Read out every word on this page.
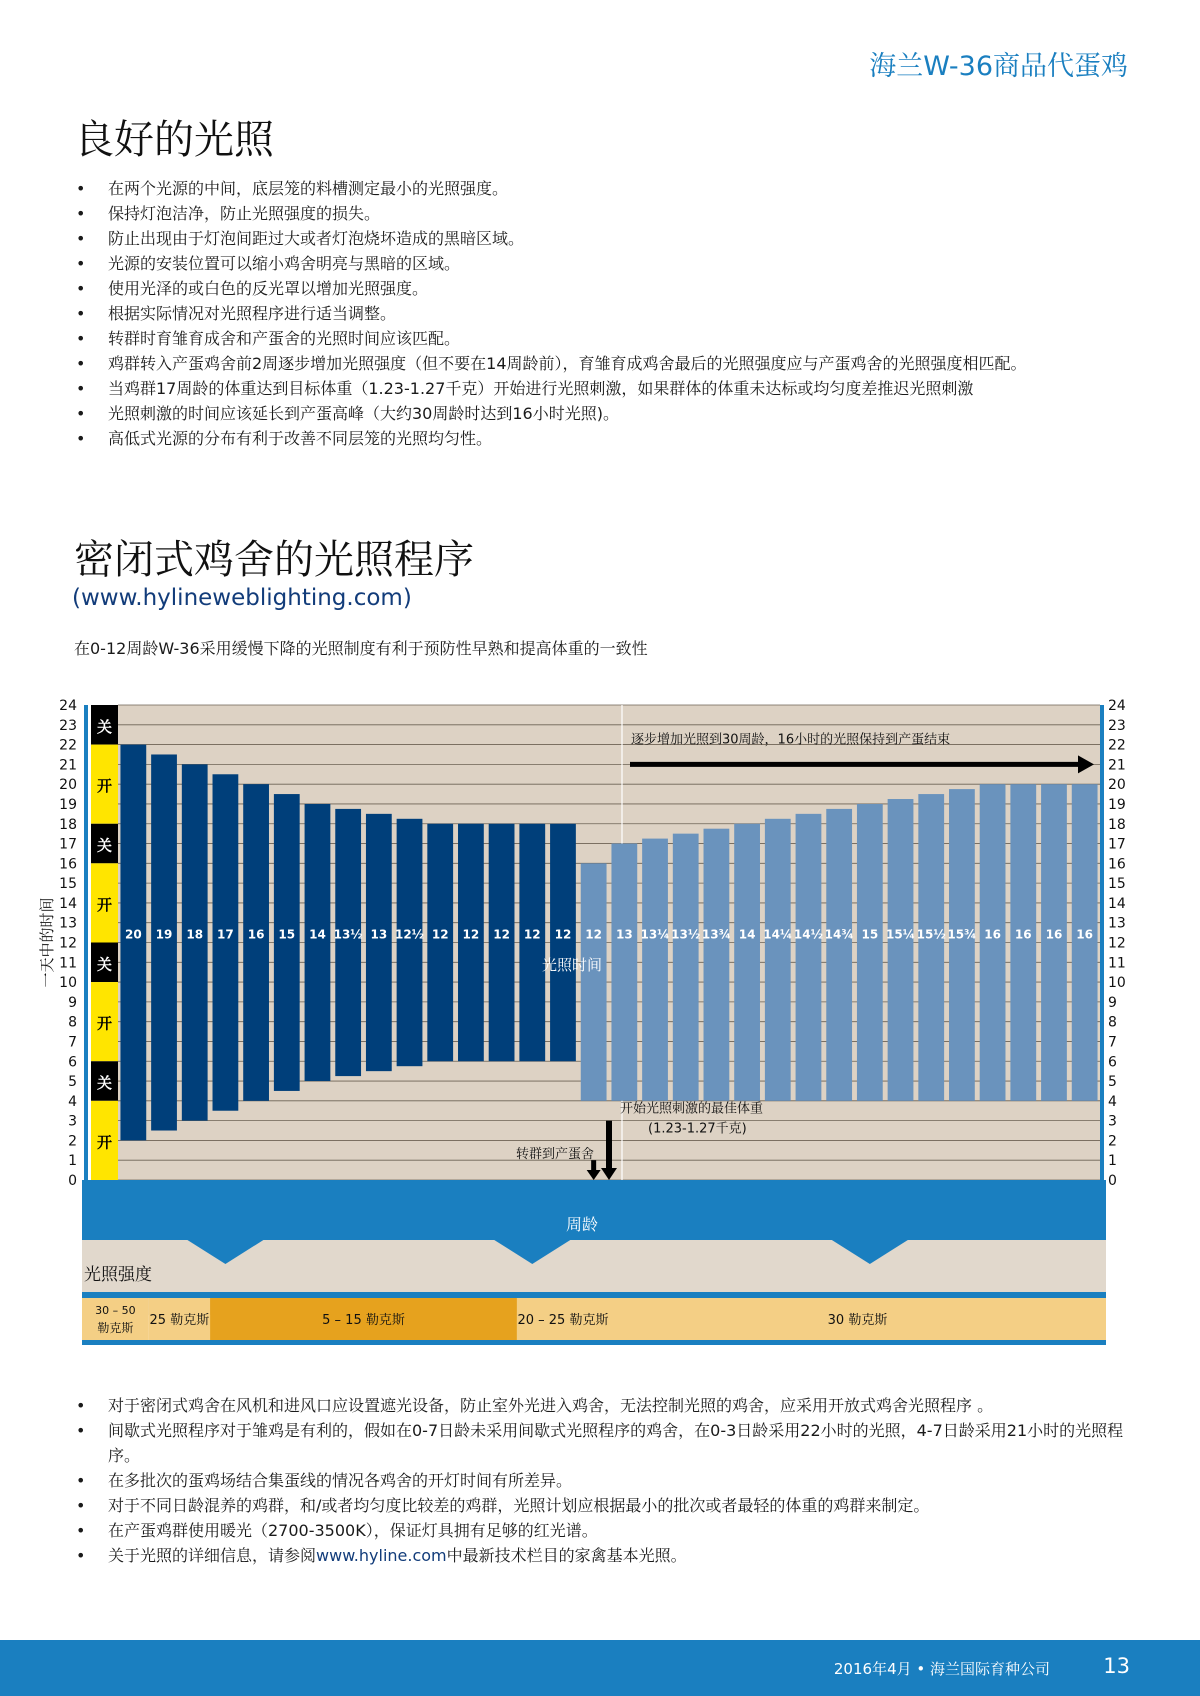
海兰W-36商品代蛋鸡
良好的光照
• 在两个光源的中间，底层笼的料槽测定最小的光照强度。
• 保持灯泡洁净，防止光照强度的损失。
• 防止出现由于灯泡间距过大或者灯泡烧坏造成的黑暗区域。
• 光源的安装位置可以缩小鸡舍明亮与黑暗的区域。
• 使用光泽的或白色的反光罩以增加光照强度。
• 根据实际情况对光照程序进行适当调整。
• 转群时育雏育成舍和产蛋舍的光照时间应该匹配。
• 鸡群转入产蛋鸡舍前2周逐步增加光照强度（但不要在14周龄前），育雏育成鸡舍最后的光照强度应与产蛋鸡舍的光照强度相匹配。
• 当鸡群17周龄的体重达到目标体重（1.23-1.27千克）开始进行光照刺激，如果群体的体重未达标或均匀度差推迟光照刺激
• 光照刺激的时间应该延长到产蛋高峰（大约30周龄时达到16小时光照)。
• 高低式光源的分布有利于改善不同层笼的光照均匀性。
密闭式鸡舍的光照程序
(www.hylineweblighting.com)
在0-12周龄W-36采用缓慢下降的光照制度有利于预防性早熟和提高体重的一致性
0	0
1	1
2	2
3	3
4	4
5	5
6	6
7	7
8	8
9	9
10	10
11	11
12	12
13	13
14	14
15	15
16	16
17	17
18	18
19	19
20	20
21	21
22	22
23	23
24	24
关
开
关
开
关
开
关
开
20 19 18 17 16 15 14 13½ 13 12½ 12 12 12 12 12 12 13 13¼ 13½ 13¾ 14 14¼ 14½ 14¾ 15 15¼ 15½ 15¾ 16 16 16 16
光照时间
一天中的时间
逐步增加光照到30周龄，16小时的光照保持到产蛋结束
开始光照刺激的最佳体重
(1.23-1.27千克)
转群到产蛋舍
周龄
光照强度
30 – 50
勒克斯 25 勒克斯	5 – 15 勒克斯	20 – 25 勒克斯	30 勒克斯
• 对于密闭式鸡舍在风机和进风口应设置遮光设备，防止室外光进入鸡舍，无法控制光照的鸡舍，应采用开放式鸡舍光照程序 。
• 间歇式光照程序对于雏鸡是有利的，假如在0-7日龄未采用间歇式光照程序的鸡舍，在0-3日龄采用22小时的光照，4-7日龄采用21小时的光照程序。
• 在多批次的蛋鸡场结合集蛋线的情况各鸡舍的开灯时间有所差异。
• 对于不同日龄混养的鸡群，和/或者均匀度比较差的鸡群，光照计划应根据最小的批次或者最轻的体重的鸡群来制定。
• 在产蛋鸡群使用暖光（2700-3500K），保证灯具拥有足够的红光谱。
• 关于光照的详细信息，请参阅www.hyline.com中最新技术栏目的家禽基本光照。
2016年4月 • 海兰国际育种公司	13
